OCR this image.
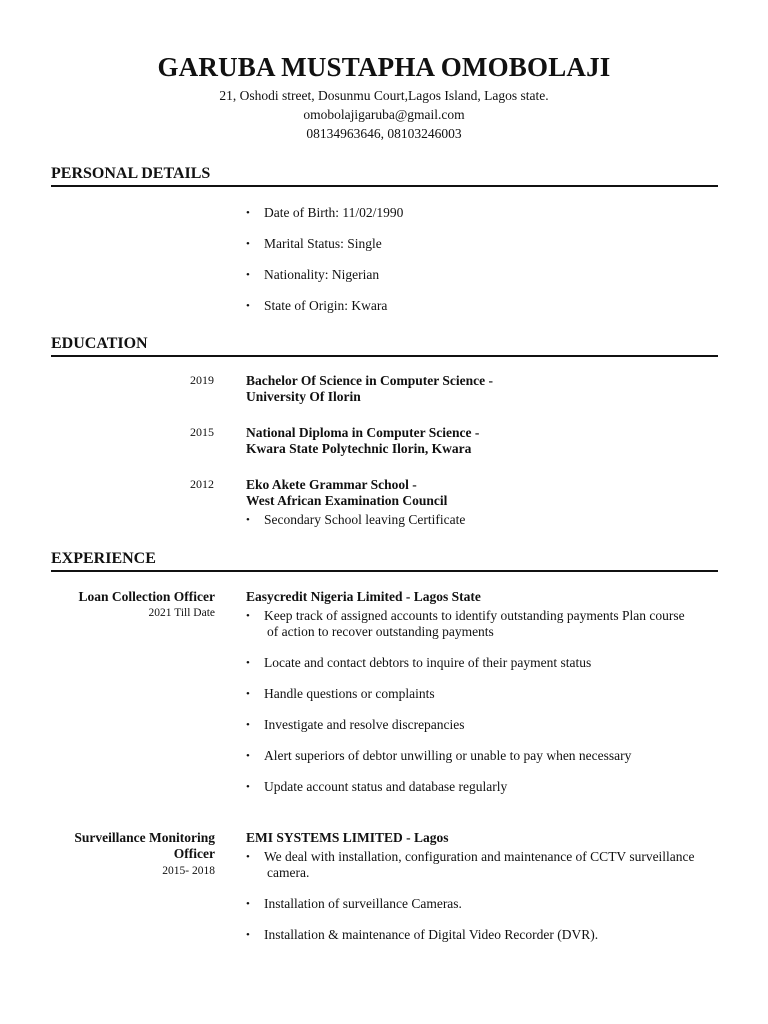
GARUBA MUSTAPHA OMOBOLAJI
21, Oshodi street, Dosunmu Court,Lagos Island, Lagos state.
omobolajigaruba@gmail.com
08134963646, 08103246003
PERSONAL DETAILS
• Date of Birth: 11/02/1990
• Marital Status: Single
• Nationality: Nigerian
• State of Origin: Kwara
EDUCATION
2019 Bachelor Of Science in Computer Science -
University Of Ilorin
2015 National Diploma in Computer Science -
Kwara State Polytechnic Ilorin, Kwara
2012 Eko Akete Grammar School -
West African Examination Council
• Secondary School leaving Certificate
EXPERIENCE
Loan Collection Officer
2021 Till Date
Easycredit Nigeria Limited - Lagos State
• Keep track of assigned accounts to identify outstanding payments Plan course
of action to recover outstanding payments
• Locate and contact debtors to inquire of their payment status
• Handle questions or complaints
• Investigate and resolve discrepancies
• Alert superiors of debtor unwilling or unable to pay when necessary
• Update account status and database regularly
Surveillance Monitoring
Officer
2015- 2018
EMI SYSTEMS LIMITED - Lagos
• We deal with installation, configuration and maintenance of CCTV surveillance
camera.
• Installation of surveillance Cameras.
• Installation & maintenance of Digital Video Recorder (DVR).
